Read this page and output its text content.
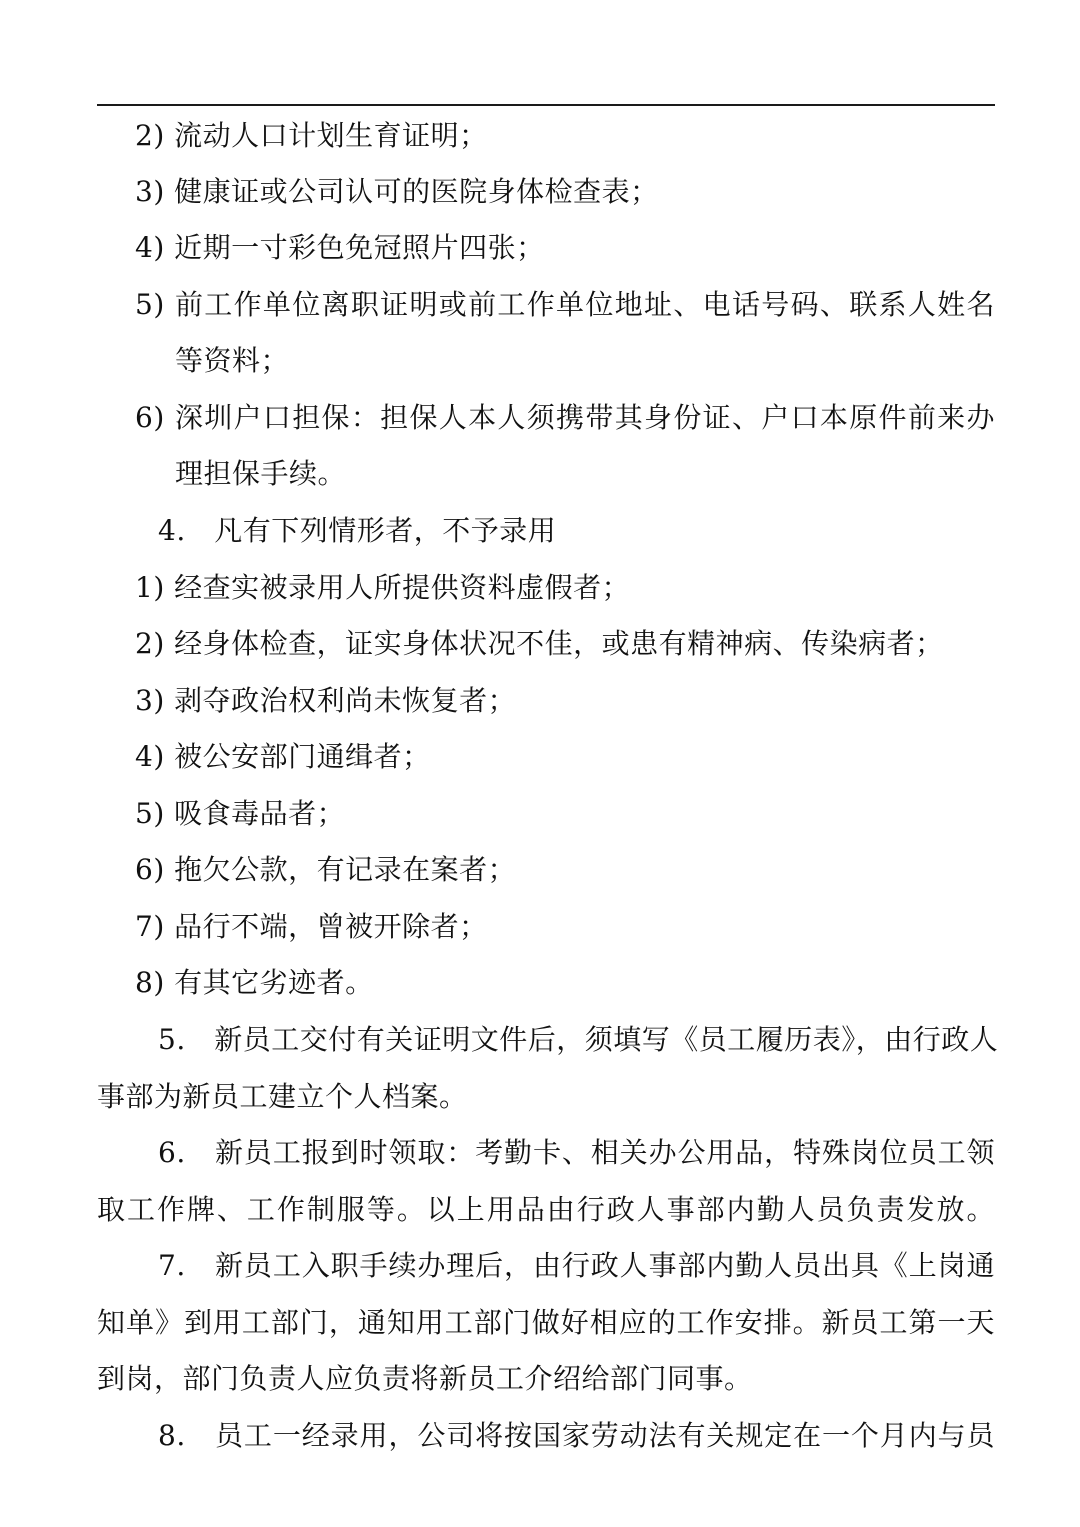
2) 流动人口计划生育证明；
3) 健康证或公司认可的医院身体检查表；
4) 近期一寸彩色免冠照片四张；
5) 前工作单位离职证明或前工作单位地址、电话号码、联系人姓名
等资料；
6) 深圳户口担保：担保人本人须携带其身份证、户口本原件前来办
理担保手续。
4.　凡有下列情形者，不予录用
1) 经查实被录用人所提供资料虚假者；
2) 经身体检查，证实身体状况不佳，或患有精神病、传染病者；
3) 剥夺政治权利尚未恢复者；
4) 被公安部门通缉者；
5) 吸食毒品者；
6) 拖欠公款，有记录在案者；
7) 品行不端，曾被开除者；
8) 有其它劣迹者。
5.　新员工交付有关证明文件后，须填写《员工履历表》，由行政人
事部为新员工建立个人档案。
6.　新员工报到时领取：考勤卡、相关办公用品，特殊岗位员工领
取工作牌、工作制服等。以上用品由行政人事部内勤人员负责发放。
7.　新员工入职手续办理后，由行政人事部内勤人员出具《上岗通
知单》到用工部门，通知用工部门做好相应的工作安排。新员工第一天
到岗，部门负责人应负责将新员工介绍给部门同事。
8.　员工一经录用，公司将按国家劳动法有关规定在一个月内与员
